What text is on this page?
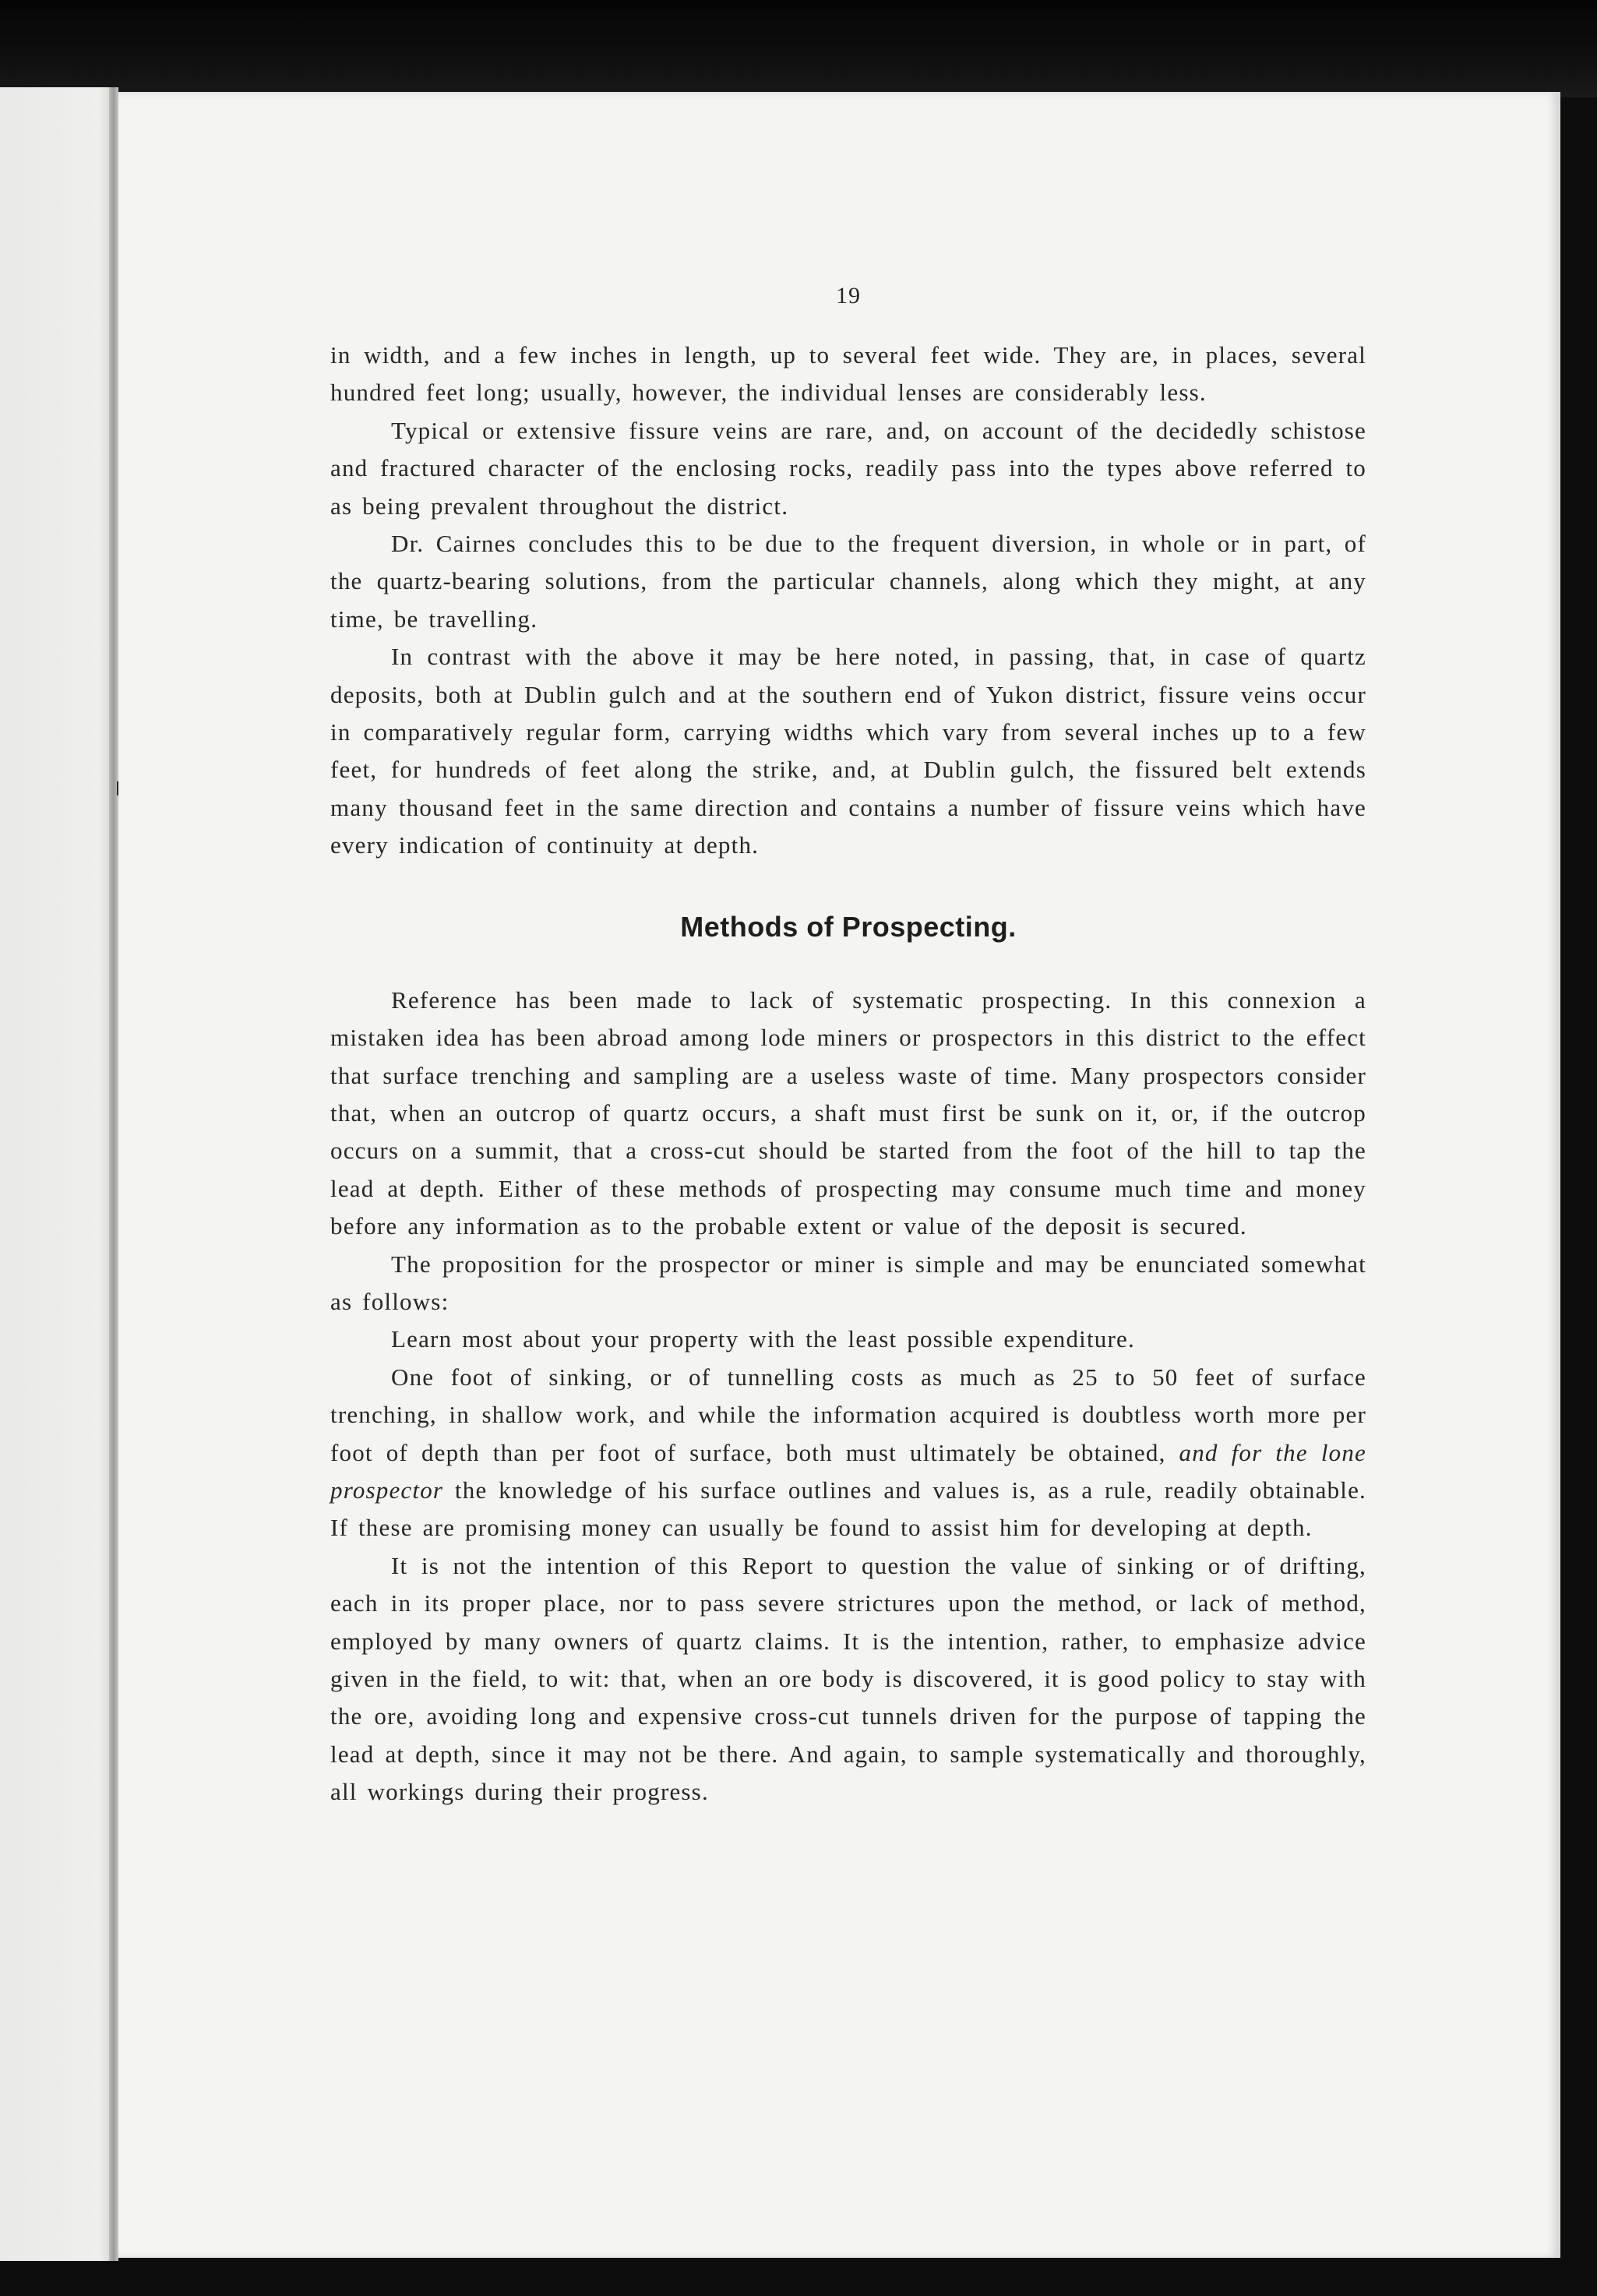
19

in width, and a few inches in length, up to several feet wide. They are, in places, several hundred feet long; usually, however, the individual lenses are considerably less.

Typical or extensive fissure veins are rare, and, on account of the decidedly schistose and fractured character of the enclosing rocks, readily pass into the types above referred to as being prevalent throughout the district.

Dr. Cairnes concludes this to be due to the frequent diversion, in whole or in part, of the quartz-bearing solutions, from the particular channels, along which they might, at any time, be travelling.

In contrast with the above it may be here noted, in passing, that, in case of quartz deposits, both at Dublin gulch and at the southern end of Yukon district, fissure veins occur in comparatively regular form, carrying widths which vary from several inches up to a few feet, for hundreds of feet along the strike, and, at Dublin gulch, the fissured belt extends many thousand feet in the same direction and contains a number of fissure veins which have every indication of continuity at depth.

Methods of Prospecting.

Reference has been made to lack of systematic prospecting. In this connexion a mistaken idea has been abroad among lode miners or prospectors in this district to the effect that surface trenching and sampling are a useless waste of time. Many prospectors consider that, when an outcrop of quartz occurs, a shaft must first be sunk on it, or, if the outcrop occurs on a summit, that a cross-cut should be started from the foot of the hill to tap the lead at depth. Either of these methods of prospecting may consume much time and money before any information as to the probable extent or value of the deposit is secured.

The proposition for the prospector or miner is simple and may be enunciated somewhat as follows:

Learn most about your property with the least possible expenditure.

One foot of sinking, or of tunnelling costs as much as 25 to 50 feet of surface trenching, in shallow work, and while the information acquired is doubtless worth more per foot of depth than per foot of surface, both must ultimately be obtained, and for the lone prospector the knowledge of his surface outlines and values is, as a rule, readily obtainable. If these are promising money can usually be found to assist him for developing at depth.

It is not the intention of this Report to question the value of sinking or of drifting, each in its proper place, nor to pass severe strictures upon the method, or lack of method, employed by many owners of quartz claims. It is the intention, rather, to emphasize advice given in the field, to wit: that, when an ore body is discovered, it is good policy to stay with the ore, avoiding long and expensive cross-cut tunnels driven for the purpose of tapping the lead at depth, since it may not be there. And again, to sample systematically and thoroughly, all workings during their progress.
